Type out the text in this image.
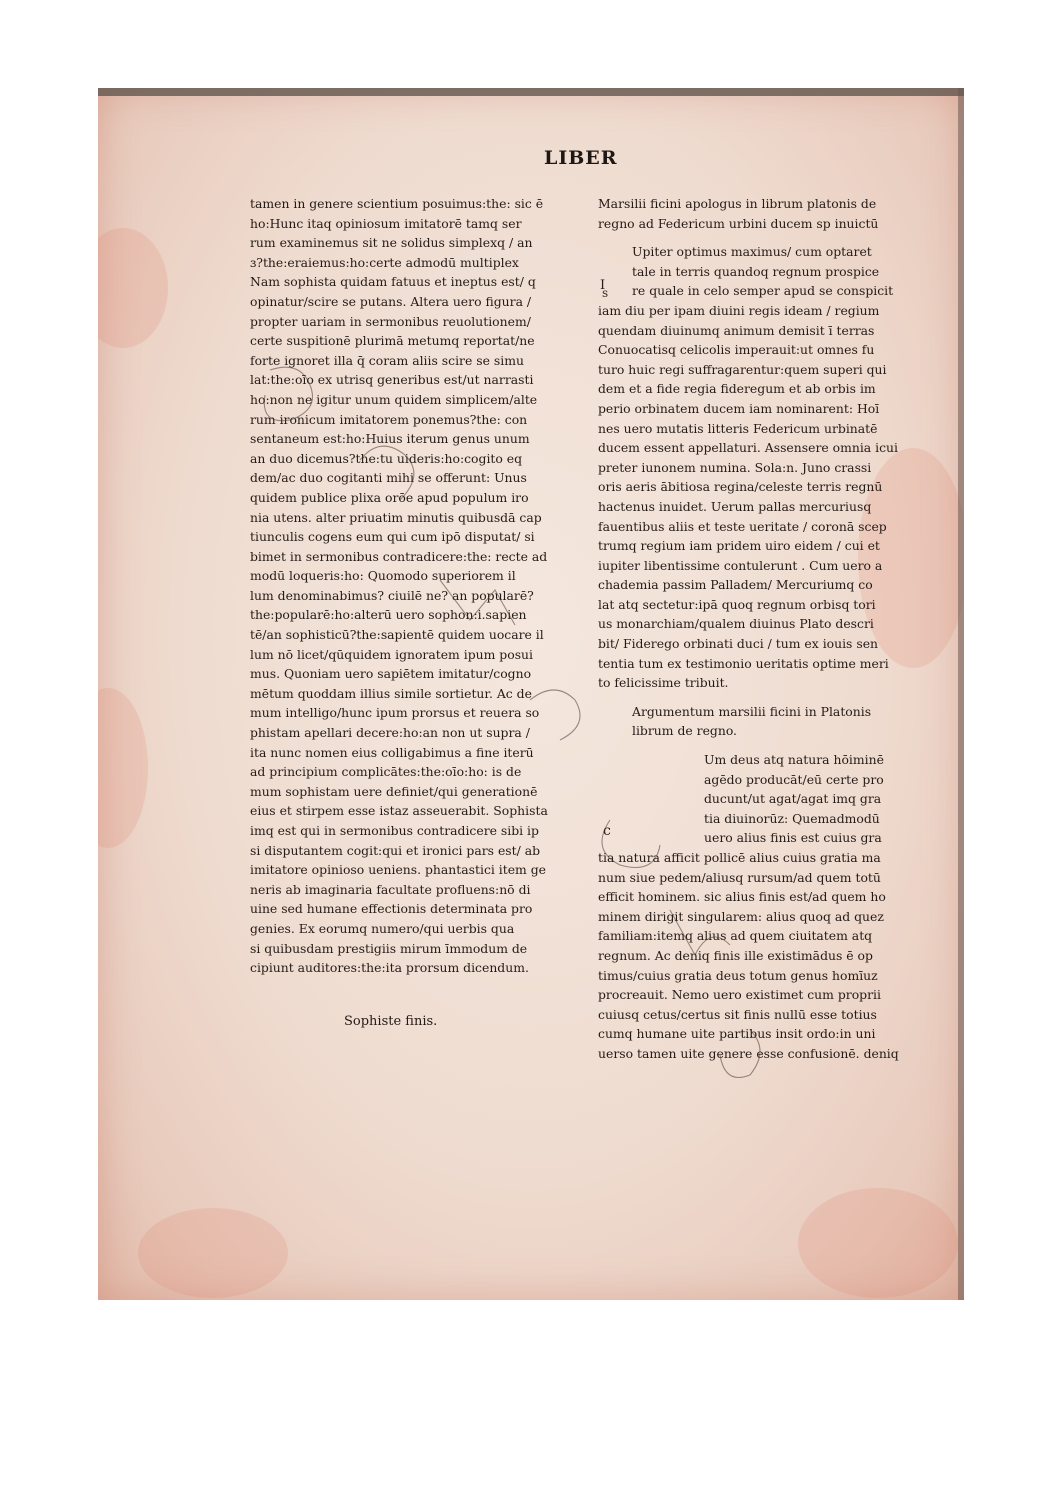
LIBER
tamen in genere scientium posuimus:the: sic ē
ho:Hunc itaq opiniosum imitatorē tamq ser
rum examinemus sit ne solidus simplexq / an
ɜ?the:eraiemus:ho:certe admodū multiplex
Nam sophista quidam fatuus et ineptus est/ q
opinatur/scire se putans. Altera uero figura /
propter uariam in sermonibus reuolutionem/
certe suspitionē plurimā metumq reportat/ne
forte ignoret illa q̄ coram aliis scire se simu
lat:the:oīo ex utrisq generibus est/ut narrasti
ho:non ne igitur unum quidem simplicem/alte
rum ironicum imitatorem ponemus?the: con
sentaneum est:ho:Huius iterum genus unum
an duo dicemus?the:tu uideris:ho:cogito eq
dem/ac duo cogitanti mihi se offerunt: Unus
quidem publice plixa orōe apud populum iro
nia utens. alter priuatim minutis quibusdā cap
tiunculis cogens eum qui cum ipō disputat/ si
bimet in sermonibus contradicere:the: recte ad
modū loqueris:ho: Quomodo superiorem il
lum denominabimus? ciuilē ne? an popularē?
the:popularē:ho:alterū uero sophon:i.sapien
tē/an sophisticū?the:sapientē quidem uocare il
lum nō licet/qūquidem ignoratem ipum posui
mus. Quoniam uero sapiētem imitatur/cogno
mētum quoddam illius simile sortietur. Ac de
mum intelligo/hunc ipum prorsus et reuera so
phistam apellari decere:ho:an non ut supra /
ita nunc nomen eius colligabimus a fine iterū
ad principium complicātes:the:oīo:ho: is de
mum sophistam uere definiet/qui generationē
eius et stirpem esse istaz asseuerabit. Sophista
imq est qui in sermonibus contradicere sibi ip
si disputantem cogit:qui et ironici pars est/ ab
imitatore opinioso ueniens. phantastici item ge
neris ab imaginaria facultate profluens:nō di
uine sed humane effectionis determinata pro
genies. Ex eorumq numero/qui uerbis qua
si quibusdam prestigiis mirum īmmodum de
cipiunt auditores:the:ita prorsum dicendum.
Sophiste finis.
Marsilii ficini apologus in librum platonis de
regno ad Federicum urbini ducem sp inuictū
Upiter optimus maximus/ cum optaret
tale in terris quandoq regnum prospice
re quale in celo semper apud se conspicit
iam diu per ipam diuini regis ideam / regium
quendam diuinumq animum demisit ī terras
Conuocatisq celicolis imperauit:ut omnes fu
turo huic regi suffragarentur:quem superi qui
dem et a fide regia fideregum et ab orbis im
perio orbinatem ducem iam nominarent: Hoī
nes uero mutatis litteris Federicum urbinatē
ducem essent appellaturi. Assensere omnia icui
preter iunonem numina. Sola:n. Juno crassi
oris aeris ābitiosa regina/celeste terris regnū
hactenus inuidet. Uerum pallas mercuriusq
fauentibus aliis et teste ueritate / coronā scep
trumq regium iam pridem uiro eidem / cui et
iupiter libentissime contulerunt . Cum uero a
chademia passim Palladem/ Mercuriumq co
lat atq sectetur:ipā quoq regnum orbisq tori
us monarchiam/qualem diuinus Plato descri
bit/ Fiderego orbinati duci / tum ex iouis sen
tentia tum ex testimonio ueritatis optime meri
to felicissime tribuit.
Argumentum marsilii ficini in Platonis
librum de regno.
Um deus atq natura hōiminē
agēdo producāt/eū certe pro
ducunt/ut agat/agat imq gra
tia diuinorūz: Quemadmodū
uero alius finis est cuius gra
tia natura afficit pollicē alius cuius gratia ma
num siue pedem/aliusq rursum/ad quem totū
efficit hominem. sic alius finis est/ad quem ho
minem dirigit singularem: alius quoq ad quez
familiam:itemq alius ad quem ciuitatem atq
regnum. Ac deniq finis ille existimādus ē op
timus/cuius gratia deus totum genus homīuz
procreauit. Nemo uero existimet cum proprii
cuiusq cetus/certus sit finis nullū esse totius
cumq humane uite partibus insit ordo:in uni
uerso tamen uite genere esse confusionē. deniq
I
c
s
